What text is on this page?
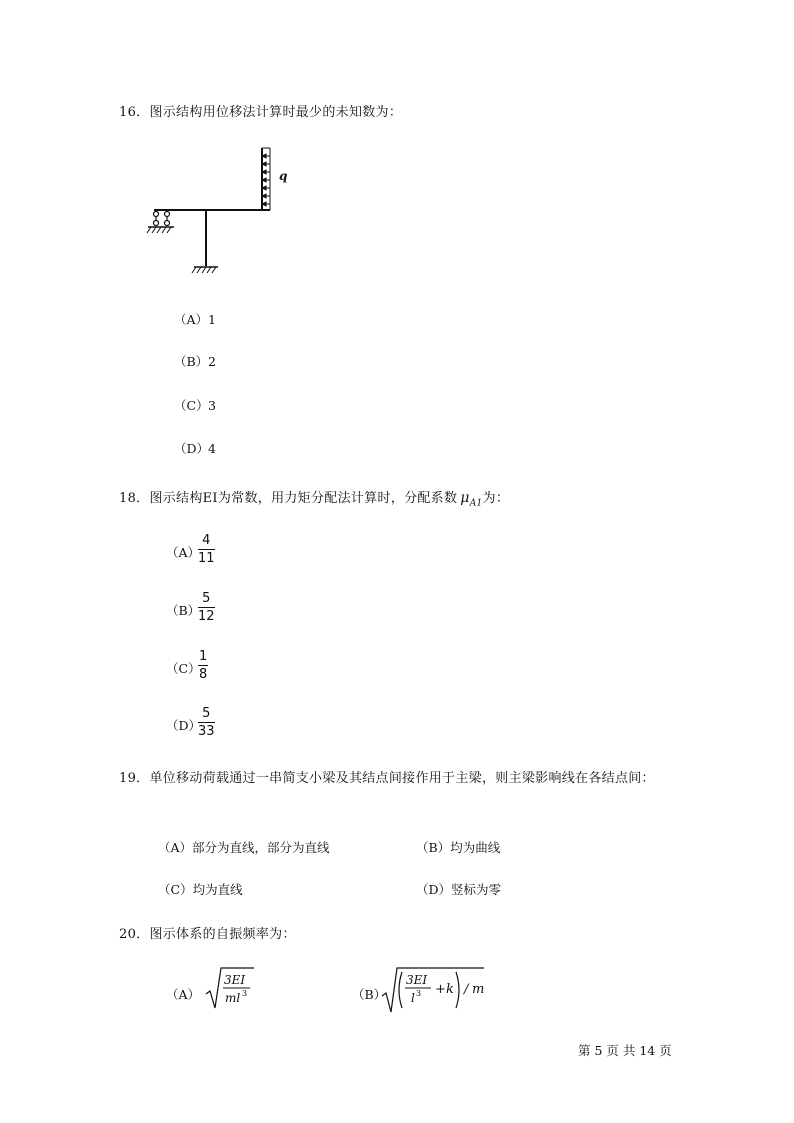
16．图示结构用位移法计算时最少的未知数为：
q
（A）1
（B）2
（C）3
（D）4
18．图示结构EI为常数，用力矩分配法计算时，分配系数 $\mu_{A1}$为：
（A）
$\frac{4}{11}$
（B）
$\frac{5}{12}$
（C）
$\frac{1}{8}$
（D）
$\frac{5}{33}$
19．单位移动荷载通过一串简支小梁及其结点间接作用于主梁，则主梁影响线在各结点间：
（A）部分为直线，部分为直线	（B）均为曲线
（C）均为直线	（D）竖标为零
20．图示体系的自振频率为：
（A）
3EI
ml 3	（B）
3EI
l 3 + k / m
第 5 页 共 14 页
